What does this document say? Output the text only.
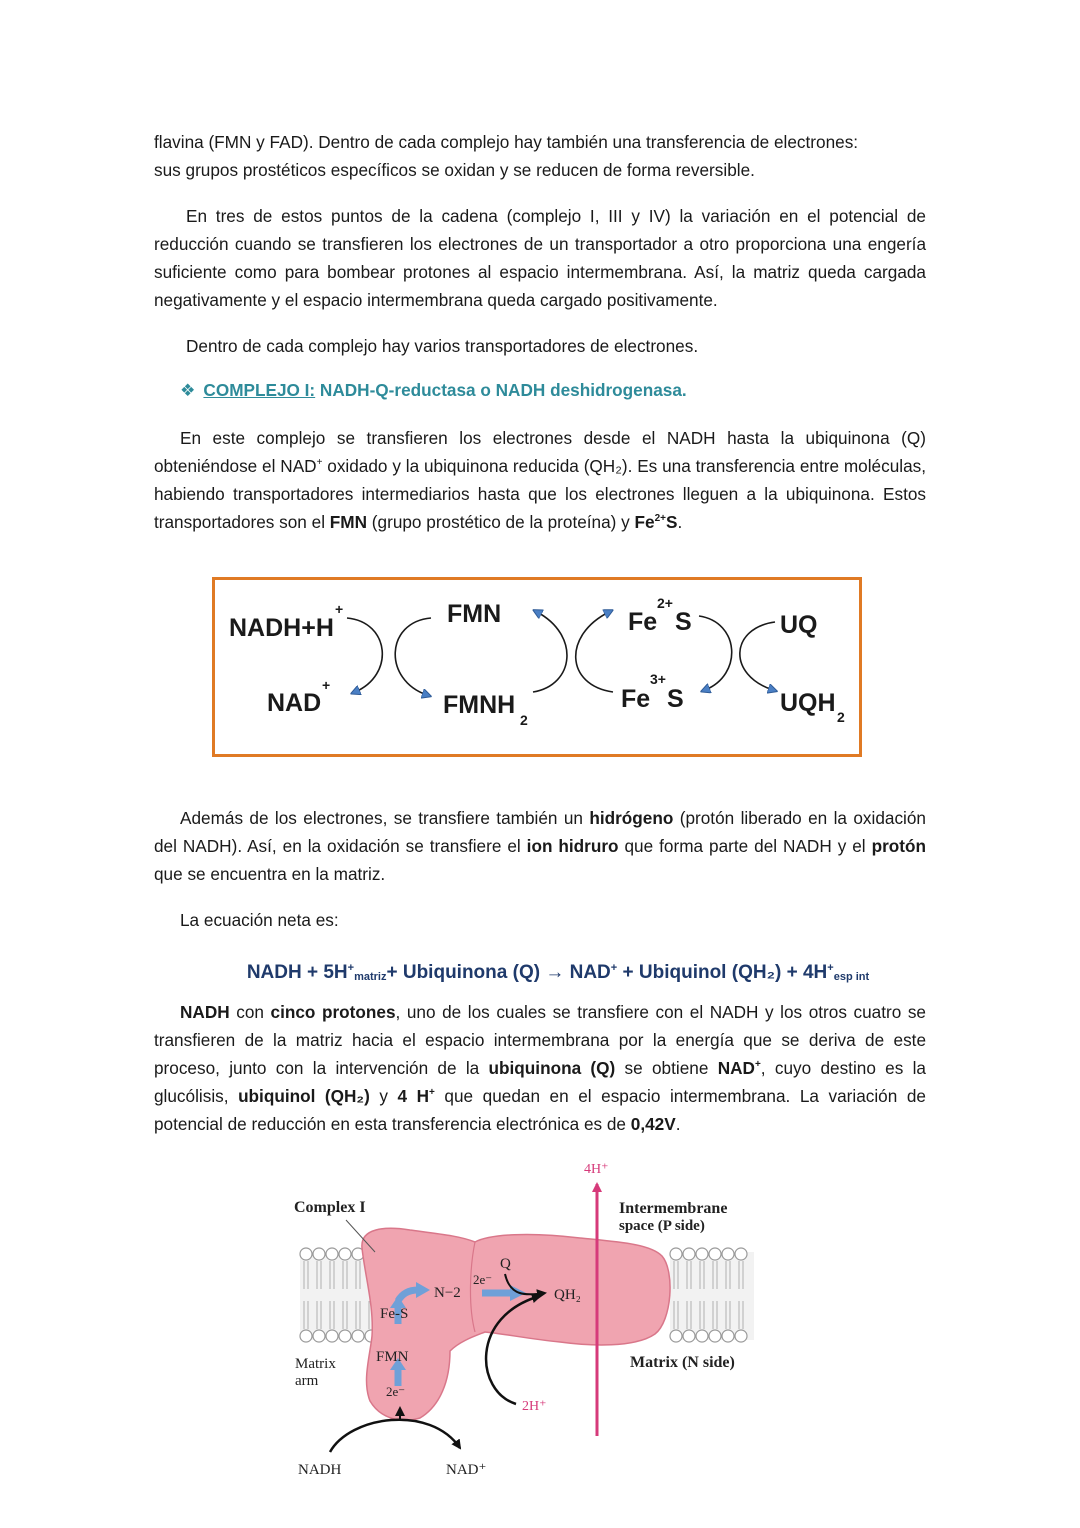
flavina (FMN y FAD). Dentro de cada complejo hay también una transferencia de electrones:
sus grupos prostéticos específicos se oxidan y se reducen de forma reversible.

En tres de estos puntos de la cadena (complejo I, III y IV) la variación en el potencial de reducción cuando se transfieren los electrones de un transportador a otro proporciona una engería suficiente como para bombear protones al espacio intermembrana. Así, la matriz queda cargada negativamente y el espacio intermembrana queda cargado positivamente.

Dentro de cada complejo hay varios transportadores de electrones.

❖ COMPLEJO I: NADH-Q-reductasa o NADH deshidrogenasa.

En este complejo se transfieren los electrones desde el NADH hasta la ubiquinona (Q) obteniéndose el NAD+ oxidado y la ubiquinona reducida (QH₂). Es una transferencia entre moléculas, habiendo transportadores intermediarios hasta que los electrones lleguen a la ubiquinona. Estos transportadores son el FMN (grupo prostético de la proteína) y $Fe^{2+}S$.

NADH+H
+
NAD
+
FMN
FMNH
2
Fe
2+
S
Fe
3+
S
UQ
UQH 2

Además de los electrones, se transfiere también un hidrógeno (protón liberado en la oxidación del NADH). Así, en la oxidación se transfiere el ion hidruro que forma parte del NADH y el protón que se encuentra en la matriz.

La ecuación neta es:

NADH + $5H^+_{matriz}+$ Ubiquinona (Q) → NAD+ + Ubiquinol $(QH_2) + 4H^+_{esp int}$

NADH con cinco protones, uno de los cuales se transfiere con el NADH y los otros cuatro se transfieren de la matriz hacia el espacio intermembrana por la energía que se deriva de este proceso, junto con la intervención de la ubiquinona (Q) se obtiene NAD+, cuyo destino es la glucólisis, ubiquinol (QH₂) y 4 H+ que quedan en el espacio intermembrana. La variación de potencial de reducción en esta transferencia electrónica es de 0,42V.

Complex I	Intermembrane
space (P side)
Matrix
arm
Matrix (N side)
Fe-S
FMN
N−2
2e⁻
2e⁻
Q
QH₂
4H⁺
2H⁺
NADH	NAD⁺
